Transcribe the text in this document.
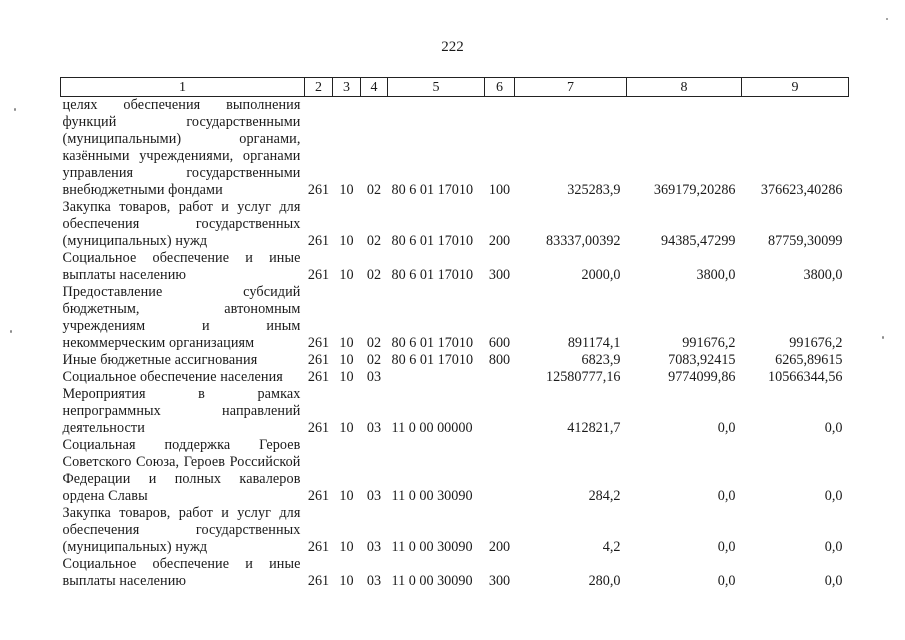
222
1	2	3	4	5	6	7	8	9
целях обеспечения выполнения функций государственными (муниципальными) органами, казёнными учреждениями, органами управления государственными внебюджетными фондами	261	10	02	80 6 01 17010	100	325283,9	369179,20286	376623,40286
Закупка товаров, работ и услуг для обеспечения государственных (муниципальных) нужд	261	10	02	80 6 01 17010	200	83337,00392	94385,47299	87759,30099
Социальное обеспечение и иные выплаты населению	261	10	02	80 6 01 17010	300	2000,0	3800,0	3800,0
Предоставление субсидий бюджетным, автономным учреждениям и иным некоммерческим организациям	261	10	02	80 6 01 17010	600	891174,1	991676,2	991676,2
Иные бюджетные ассигнования	261	10	02	80 6 01 17010	800	6823,9	7083,92415	6265,89615
Социальное обеспечение населения	261	10	03			12580777,16	9774099,86	10566344,56
Мероприятия в рамках непрограммных направлений деятельности	261	10	03	11 0 00 00000		412821,7	0,0	0,0
Социальная поддержка Героев Советского Союза, Героев Российской Федерации и полных кавалеров ордена Славы	261	10	03	11 0 00 30090		284,2	0,0	0,0
Закупка товаров, работ и услуг для обеспечения государственных (муниципальных) нужд	261	10	03	11 0 00 30090	200	4,2	0,0	0,0
Социальное обеспечение и иные выплаты населению	261	10	03	11 0 00 30090	300	280,0	0,0	0,0
